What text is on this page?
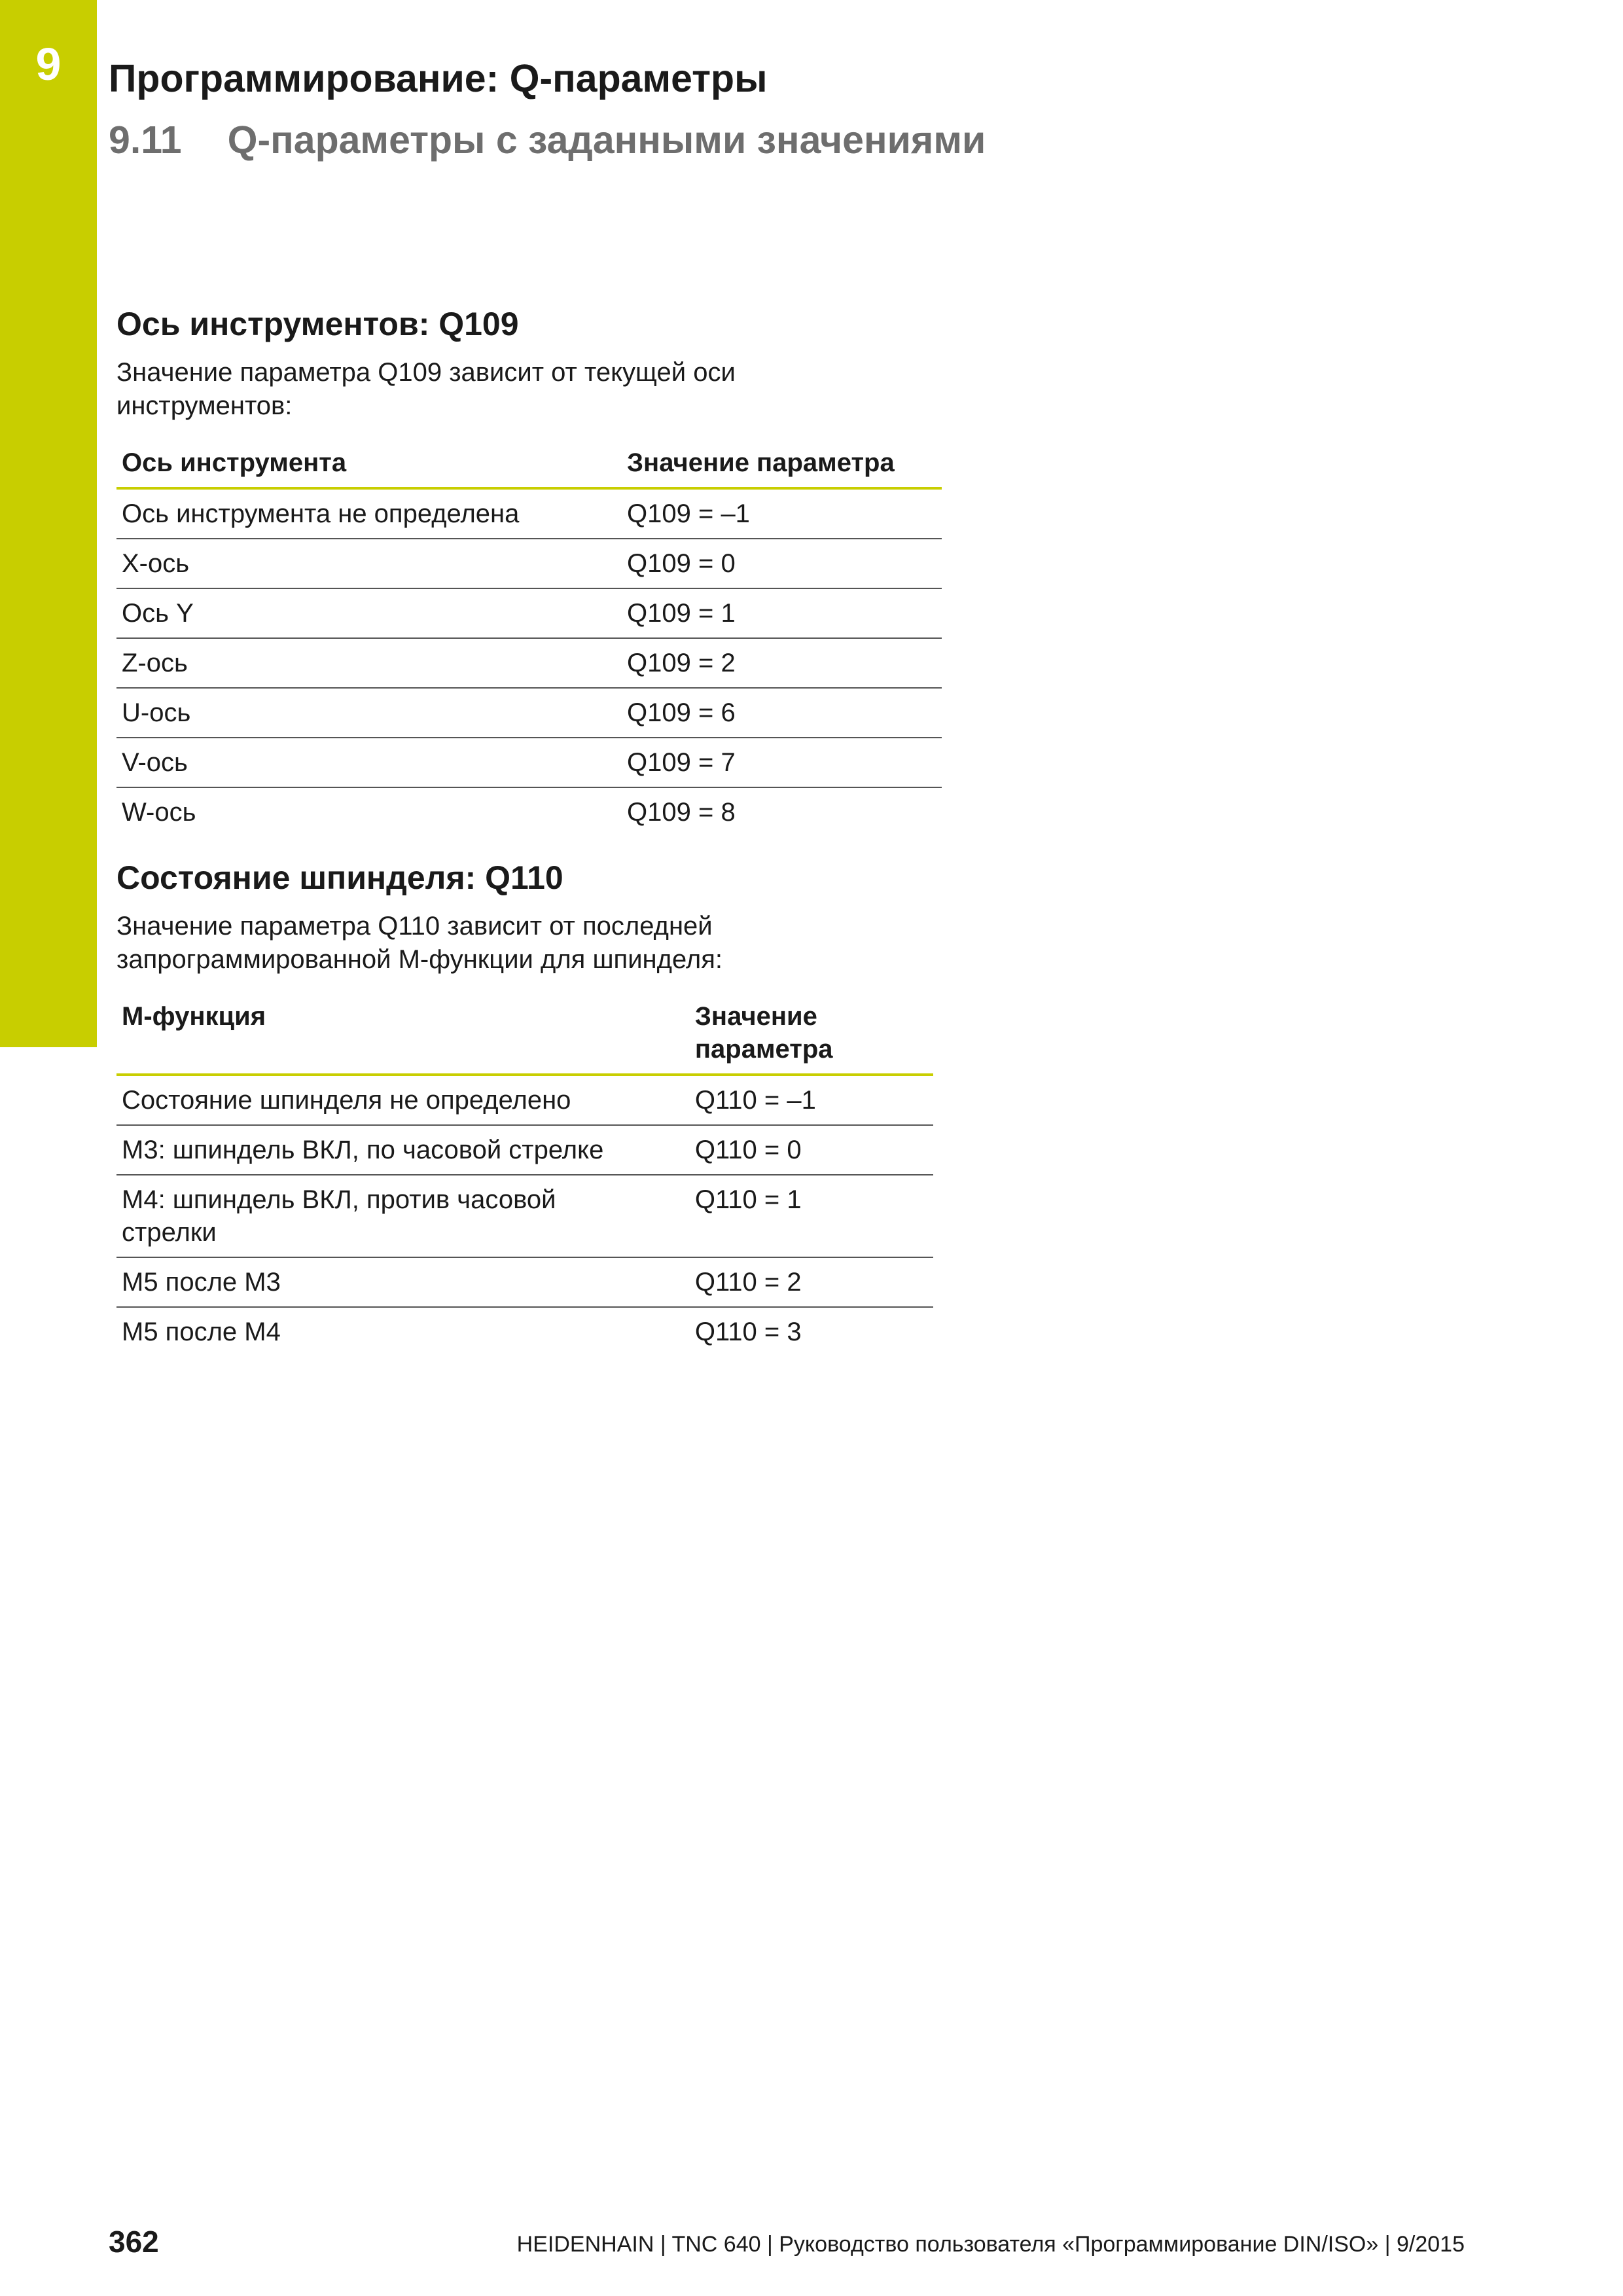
9	Программирование: Q-параметры
9.11 Q-параметры с заданными значениями
Ось инструментов: Q109

Значение параметра Q109 зависит от текущей оси инструментов:

Ось инструмента	Значение параметра
Ось инструмента не определена	Q109 = –1
X-ось	Q109 = 0
Ось Y	Q109 = 1
Z-ось	Q109 = 2
U-ось	Q109 = 6
V-ось	Q109 = 7
W-ось	Q109 = 8
Состояние шпинделя: Q110

Значение параметра Q110 зависит от последней запрограммированной M-функции для шпинделя:

M-функция	Значение параметра
Состояние шпинделя не определено	Q110 = –1
M3: шпиндель ВКЛ, по часовой стрелке	Q110 = 0
M4: шпиндель ВКЛ, против часовой стрелки	Q110 = 1
M5 после M3	Q110 = 2
M5 после M4	Q110 = 3
362	HEIDENHAIN | TNC 640 | Руководство пользователя «Программирование DIN/ISO» | 9/2015
